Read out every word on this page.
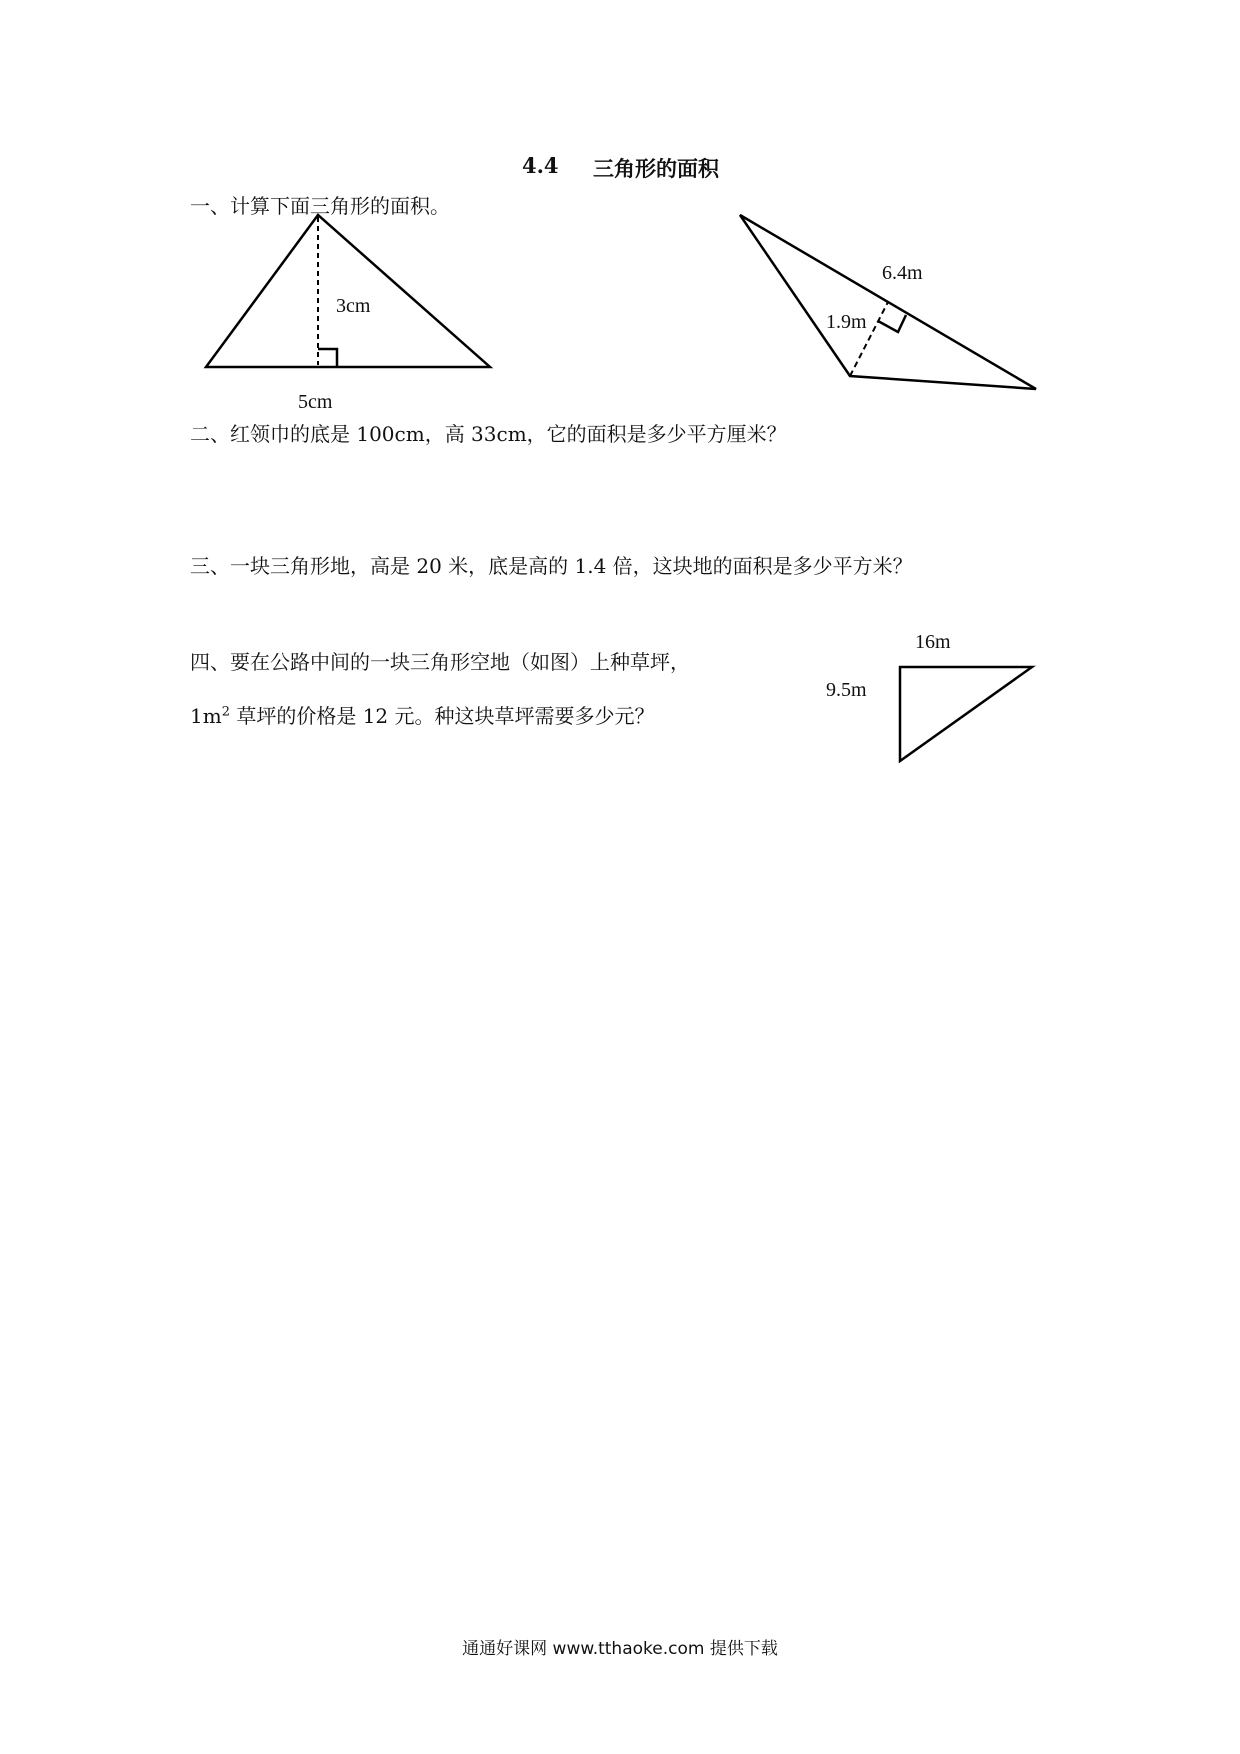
4.4 三角形的面积
一、计算下面三角形的面积。
3cm
5cm
6.4m
1.9m
二、红领巾的底是 100cm，高 33cm，它的面积是多少平方厘米？
三、一块三角形地，高是 20 米，底是高的 1.4 倍，这块地的面积是多少平方米？
四、要在公路中间的一块三角形空地（如图）上种草坪，
$1m^2$ 草坪的价格是 12 元。种这块草坪需要多少元？
16m
9.5m
通通好课网 www.tthaoke.com 提供下载
